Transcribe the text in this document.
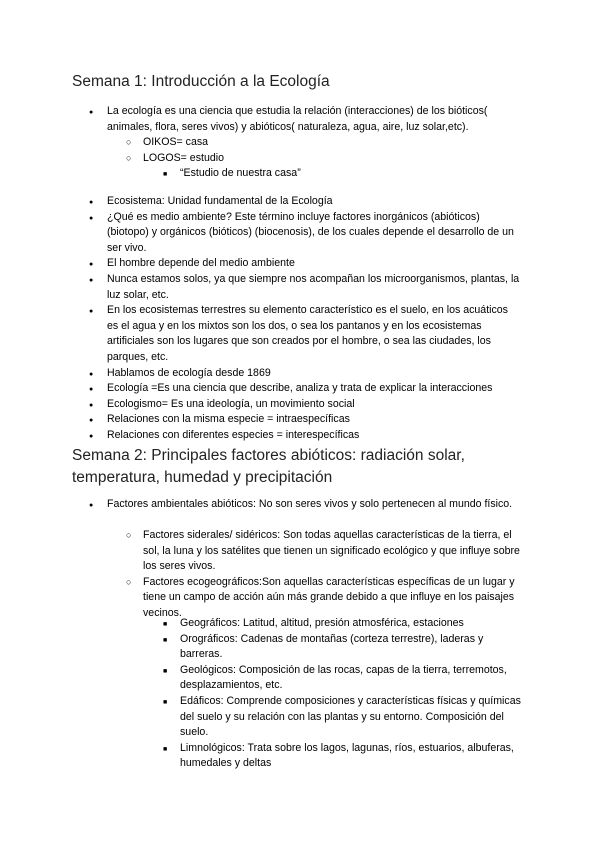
Semana 1: Introducción a la Ecología
● La ecología es una ciencia que estudia la relación (interacciones) de los bióticos( animales, flora, seres vivos) y abióticos( naturaleza, agua, aire, luz solar,etc).
○ OIKOS= casa
○ LOGOS= estudio
■ “Estudio de nuestra casa”
● Ecosistema: Unidad fundamental de la Ecología
● ¿Qué es medio ambiente? Este término incluye factores inorgánicos (abióticos) (biotopo) y orgánicos (bióticos) (biocenosis), de los cuales depende el desarrollo de un ser vivo.
● El hombre depende del medio ambiente
● Nunca estamos solos, ya que siempre nos acompañan los microorganismos, plantas, la luz solar, etc.
● En los ecosistemas terrestres su elemento característico es el suelo, en los acuáticos es el agua y en los mixtos son los dos, o sea los pantanos y en los ecosistemas artificiales son los lugares que son creados por el hombre, o sea las ciudades, los parques, etc.
● Hablamos de ecología desde 1869
● Ecología =Es una ciencia que describe, analiza y trata de explicar la interacciones
● Ecologismo= Es una ideología, un movimiento social
● Relaciones con la misma especie = intraespecíficas
● Relaciones con diferentes especies = interespecíficas
Semana 2: Principales factores abióticos: radiación solar, temperatura, humedad y precipitación
● Factores ambientales abióticos: No son seres vivos y solo pertenecen al mundo físico.
○ Factores siderales/ sidéricos: Son todas aquellas características de la tierra, el sol, la luna y los satélites que tienen un significado ecológico y que influye sobre los seres vivos.
○ Factores ecogeográficos:Son aquellas características específicas de un lugar y tiene un campo de acción aún más grande debido a que influye en los paisajes vecinos.
■ Geográficos: Latitud, altitud, presión atmosférica, estaciones
■ Orográficos: Cadenas de montañas (corteza terrestre), laderas y barreras.
■ Geológicos: Composición de las rocas, capas de la tierra, terremotos, desplazamientos, etc.
■ Edáficos: Comprende composiciones y características físicas y químicas del suelo y su relación con las plantas y su entorno. Composición del suelo.
■ Limnológicos: Trata sobre los lagos, lagunas, ríos, estuarios, albuferas, humedales y deltas
